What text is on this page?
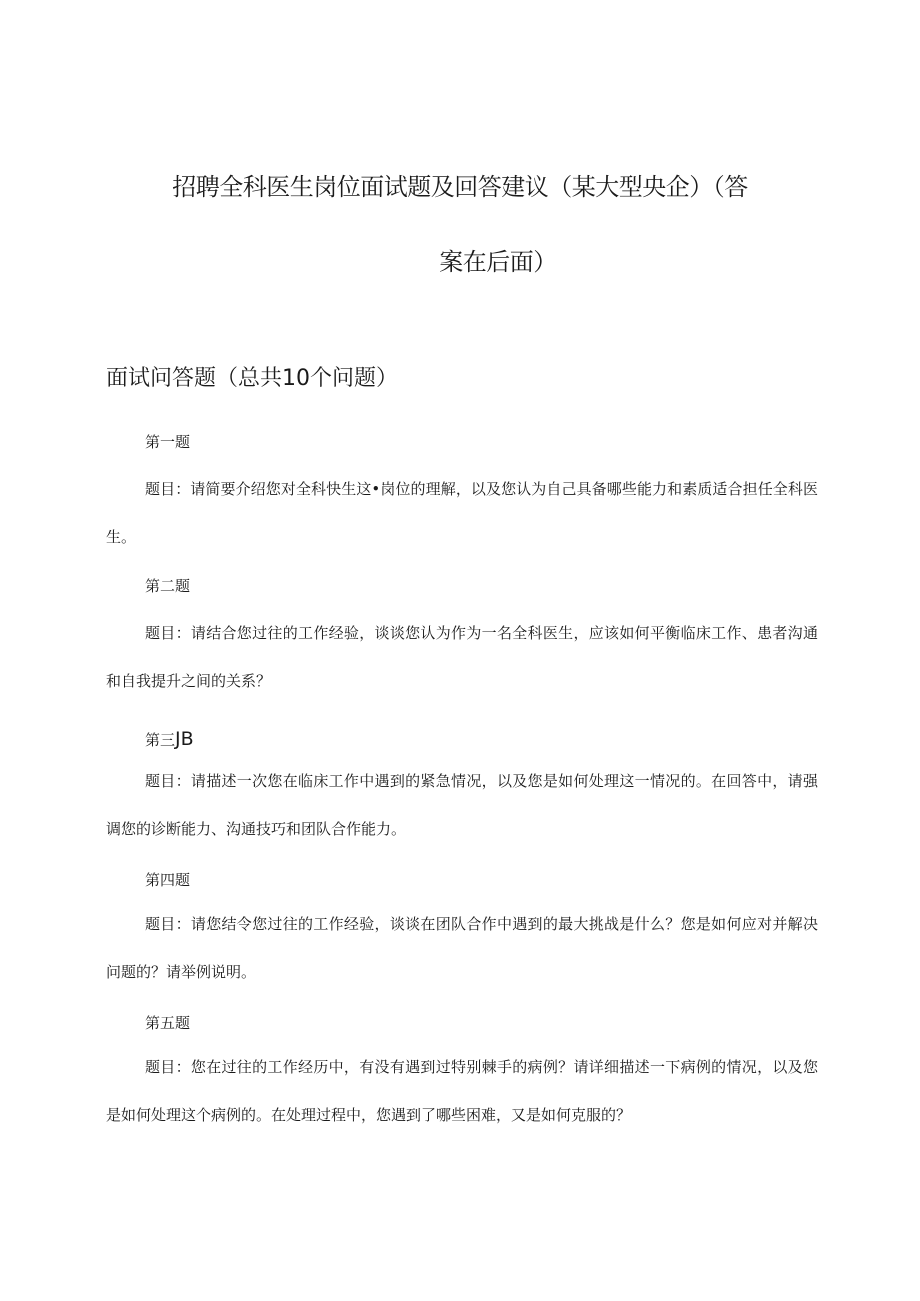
招聘全科医生岗位面试题及回答建议（某大型央企）（答
案在后面）
面试问答题（总共10个问题）
第一题
题目：请简要介绍您对全科快生这•岗位的理解，以及您认为自己具备哪些能力和素质适合担任全科医生。
第二题
题目：请结合您过往的工作经验，谈谈您认为作为一名全科医生，应该如何平衡临床工作、患者沟通和自我提升之间的关系？
第三JB
题目：请描述一次您在临床工作中遇到的紧急情况，以及您是如何处理这一情况的。在回答中，请强调您的诊断能力、沟通技巧和团队合作能力。
第四题
题目：请您结令您过往的工作经验，谈谈在团队合作中遇到的最大挑战是什么？您是如何应对并解决问题的？请举例说明。
第五题
题目：您在过往的工作经历中，有没有遇到过特别棘手的病例？请详细描述一下病例的情况，以及您是如何处理这个病例的。在处理过程中，您遇到了哪些困难，又是如何克服的？
